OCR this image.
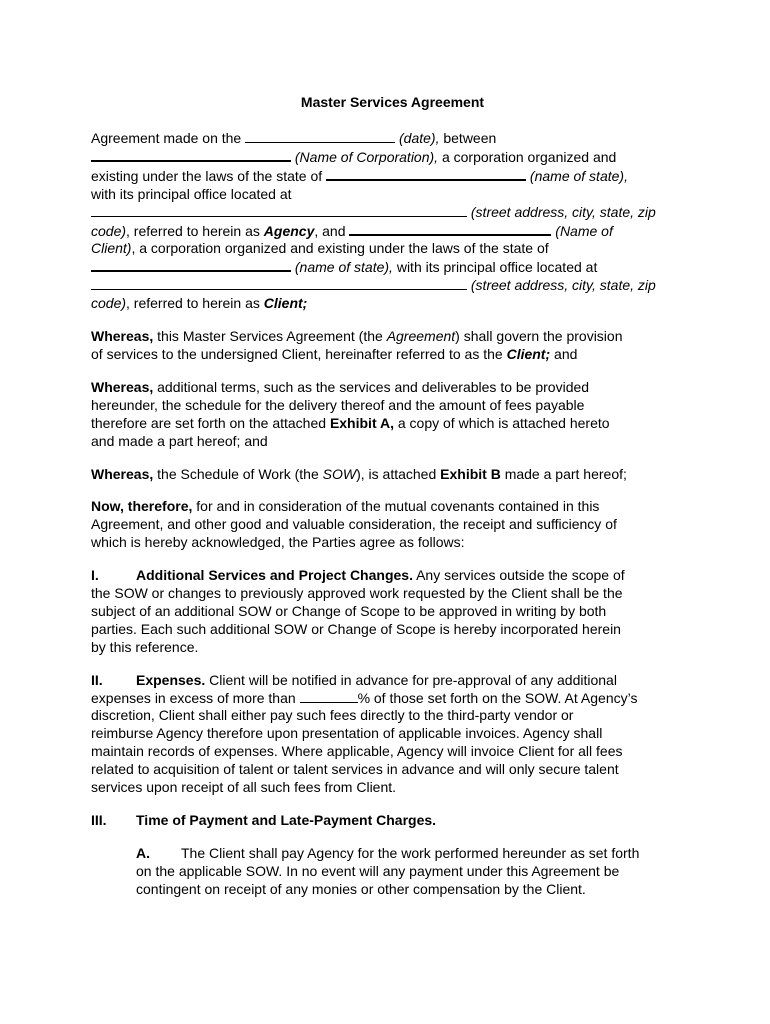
Master Services Agreement

Agreement made on the	(date), between
(Name of Corporation), a corporation organized and
existing under the laws of the state of	(name of state),
with its principal office located at
(street address, city, state, zip
code), referred to herein as Agency, and	(Name of
Client), a corporation organized and existing under the laws of the state of
(name of state), with its principal office located at
(street address, city, state, zip
code), referred to herein as Client;

Whereas, this Master Services Agreement (the Agreement) shall govern the provision
of services to the undersigned Client, hereinafter referred to as the Client; and

Whereas, additional terms, such as the services and deliverables to be provided
hereunder, the schedule for the delivery thereof and the amount of fees payable
therefore are set forth on the attached Exhibit A, a copy of which is attached hereto
and made a part hereof; and

Whereas, the Schedule of Work (the SOW), is attached Exhibit B made a part hereof;

Now, therefore, for and in consideration of the mutual covenants contained in this
Agreement, and other good and valuable consideration, the receipt and sufficiency of
which is hereby acknowledged, the Parties agree as follows:

I.	Additional Services and Project Changes. Any services outside the scope of
the SOW or changes to previously approved work requested by the Client shall be the
subject of an additional SOW or Change of Scope to be approved in writing by both
parties. Each such additional SOW or Change of Scope is hereby incorporated herein
by this reference.

II. Expenses. Client will be notified in advance for pre-approval of any additional
expenses in excess of more than	% of those set forth on the SOW. At Agency’s
discretion, Client shall either pay such fees directly to the third-party vendor or
reimburse Agency therefore upon presentation of applicable invoices. Agency shall
maintain records of expenses. Where applicable, Agency will invoice Client for all fees
related to acquisition of talent or talent services in advance and will only secure talent
services upon receipt of all such fees from Client.

III. Time of Payment and Late-Payment Charges.

A. The Client shall pay Agency for the work performed hereunder as set forth
on the applicable SOW. In no event will any payment under this Agreement be
contingent on receipt of any monies or other compensation by the Client.
